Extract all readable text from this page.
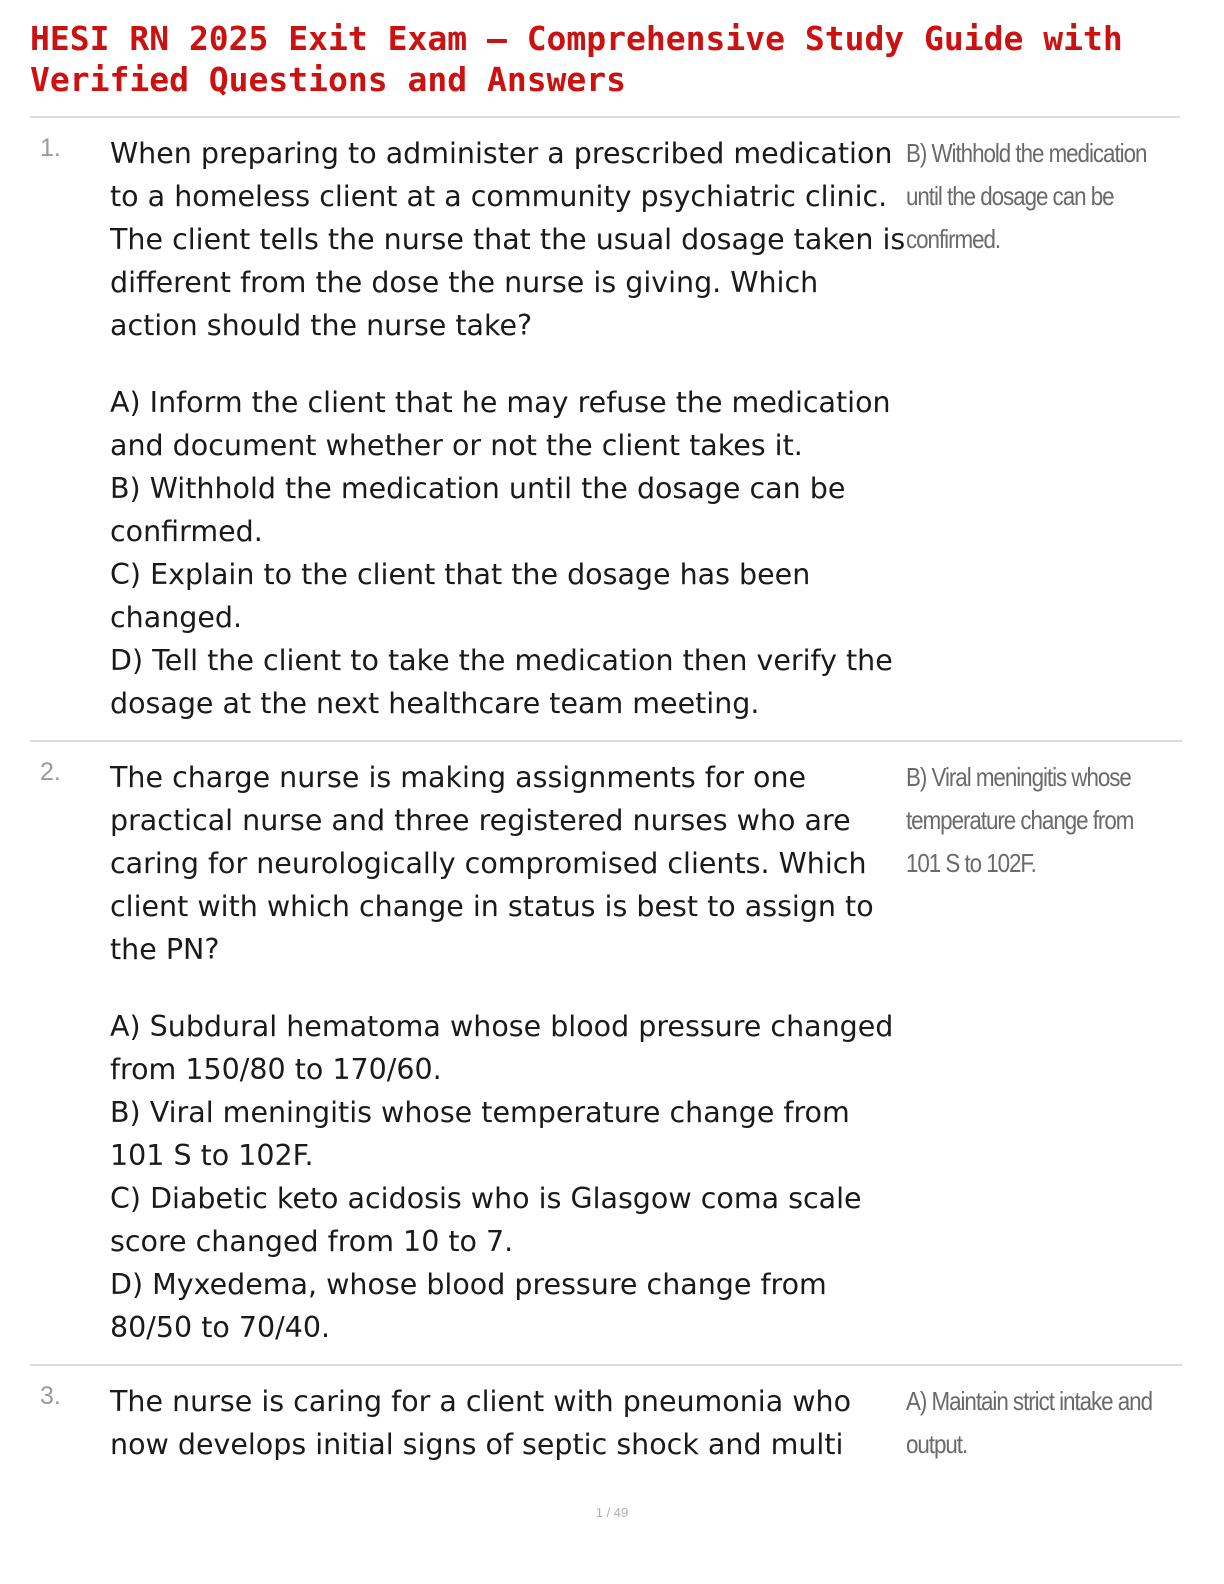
HESI RN 2025 Exit Exam – Comprehensive Study Guide with Verified Questions and Answers
1. When preparing to administer a prescribed medication to a homeless client at a community psychiatric clinic. The client tells the nurse that the usual dosage taken is different from the dose the nurse is giving. Which action should the nurse take?

A) Inform the client that he may refuse the medication and document whether or not the client takes it.
B) Withhold the medication until the dosage can be confirmed.
C) Explain to the client that the dosage has been changed.
D) Tell the client to take the medication then verify the dosage at the next healthcare team meeting.
B) Withhold the medication until the dosage can be confirmed.
2. The charge nurse is making assignments for one practical nurse and three registered nurses who are caring for neurologically compromised clients. Which client with which change in status is best to assign to the PN?

A) Subdural hematoma whose blood pressure changed from 150/80 to 170/60.
B) Viral meningitis whose temperature change from 101 S to 102F.
C) Diabetic keto acidosis who is Glasgow coma scale score changed from 10 to 7.
D) Myxedema, whose blood pressure change from 80/50 to 70/40.
B) Viral meningitis whose temperature change from 101 S to 102F.
3. The nurse is caring for a client with pneumonia who now develops initial signs of septic shock and multi

A) Maintain strict intake and output.
1 / 49
